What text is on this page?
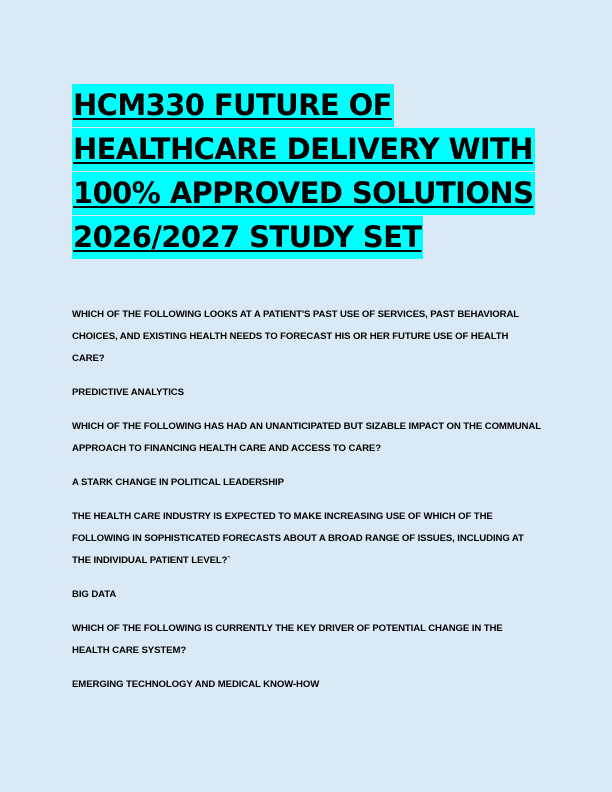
HCM330 FUTURE OF
HEALTHCARE DELIVERY WITH
100% APPROVED SOLUTIONS
2026/2027 STUDY SET

WHICH OF THE FOLLOWING LOOKS AT A PATIENT'S PAST USE OF SERVICES, PAST BEHAVIORAL CHOICES, AND EXISTING HEALTH NEEDS TO FORECAST HIS OR HER FUTURE USE OF HEALTH CARE?

PREDICTIVE ANALYTICS

WHICH OF THE FOLLOWING HAS HAD AN UNANTICIPATED BUT SIZABLE IMPACT ON THE COMMUNAL APPROACH TO FINANCING HEALTH CARE AND ACCESS TO CARE?

A STARK CHANGE IN POLITICAL LEADERSHIP

THE HEALTH CARE INDUSTRY IS EXPECTED TO MAKE INCREASING USE OF WHICH OF THE FOLLOWING IN SOPHISTICATED FORECASTS ABOUT A BROAD RANGE OF ISSUES, INCLUDING AT THE INDIVIDUAL PATIENT LEVEL?`

BIG DATA

WHICH OF THE FOLLOWING IS CURRENTLY THE KEY DRIVER OF POTENTIAL CHANGE IN THE HEALTH CARE SYSTEM?

EMERGING TECHNOLOGY AND MEDICAL KNOW-HOW
